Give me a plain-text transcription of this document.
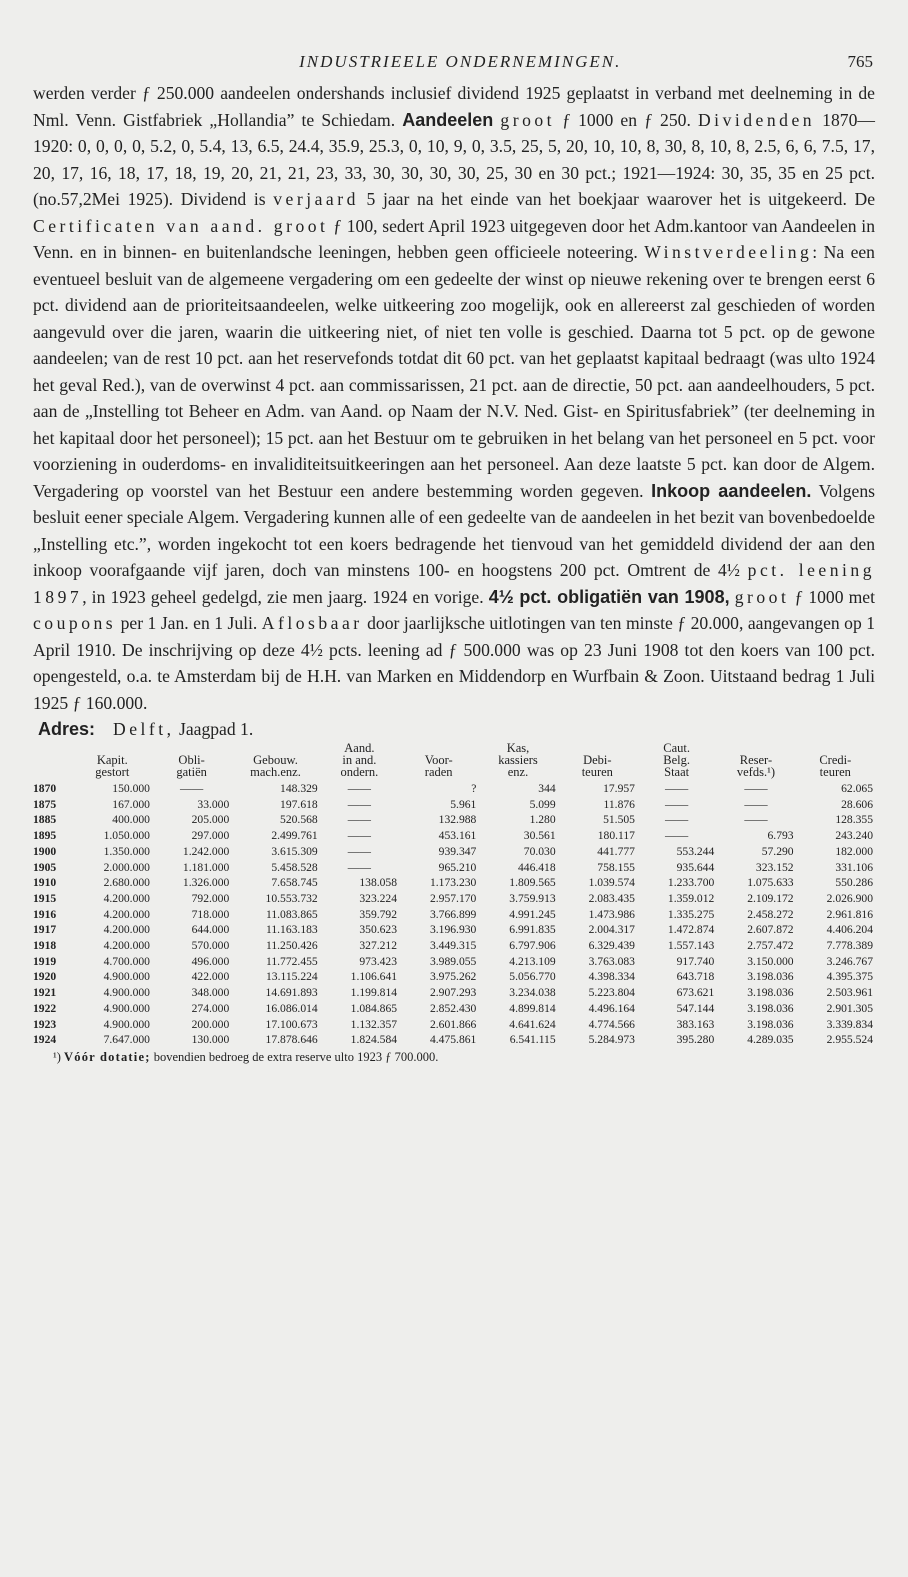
INDUSTRIEELE ONDERNEMINGEN.	765

werden verder ƒ 250.000 aandeelen ondershands inclusief dividend 1925 geplaatst in verband met deelneming in de Nml. Venn. Gistfabriek „Hollandia” te Schiedam. Aandeelen groot ƒ 1000 en ƒ 250. Dividenden 1870—1920: 0, 0, 0, 0, 5.2, 0, 5.4, 13, 6.5, 24.4, 35.9, 25.3, 0, 10, 9, 0, 3.5, 25, 5, 20, 10, 10, 8, 30, 8, 10, 8, 2.5, 6, 6, 7.5, 17, 20, 17, 16, 18, 17, 18, 19, 20, 21, 21, 23, 33, 30, 30, 30, 30, 25, 30 en 30 pct.; 1921—1924: 30, 35, 35 en 25 pct. (no.57,2Mei 1925). Dividend is verjaard 5 jaar na het einde van het boekjaar waarover het is uitgekeerd. De Certificaten van aand. groot ƒ 100, sedert April 1923 uitgegeven door het Adm.kantoor van Aandeelen in Venn. en in binnen- en buitenlandsche leeningen, hebben geen officieele noteering. Winstverdeeling: Na een eventueel besluit van de algemeene vergadering om een gedeelte der winst op nieuwe rekening over te brengen eerst 6 pct. dividend aan de prioriteitsaandeelen, welke uitkeering zoo mogelijk, ook en allereerst zal geschieden of worden aangevuld over die jaren, waarin die uitkeering niet, of niet ten volle is geschied. Daarna tot 5 pct. op de gewone aandeelen; van de rest 10 pct. aan het reservefonds totdat dit 60 pct. van het geplaatst kapitaal bedraagt (was ulto 1924 het geval Red.), van de overwinst 4 pct. aan commissarissen, 21 pct. aan de directie, 50 pct. aan aandeelhouders, 5 pct. aan de „Instelling tot Beheer en Adm. van Aand. op Naam der N.V. Ned. Gist- en Spiritusfabriek” (ter deelneming in het kapitaal door het personeel); 15 pct. aan het Bestuur om te gebruiken in het belang van het personeel en 5 pct. voor voorziening in ouderdoms- en invaliditeitsuitkeeringen aan het personeel. Aan deze laatste 5 pct. kan door de Algem. Vergadering op voorstel van het Bestuur een andere bestemming worden gegeven. Inkoop aandeelen. Volgens besluit eener speciale Algem. Vergadering kunnen alle of een gedeelte van de aandeelen in het bezit van bovenbedoelde „Instelling etc.”, worden ingekocht tot een koers bedragende het tienvoud van het gemiddeld dividend der aan den inkoop voorafgaande vijf jaren, doch van minstens 100- en hoogstens 200 pct. Omtrent de 4½ pct. leening 1897, in 1923 geheel gedelgd, zie men jaarg. 1924 en vorige. 4½ pct. obligatiën van 1908, groot ƒ 1000 met coupons per 1 Jan. en 1 Juli. Aflosbaar door jaarlijksche uitlotingen van ten minste ƒ 20.000, aangevangen op 1 April 1910. De inschrijving op deze 4½ pcts. leening ad ƒ 500.000 was op 23 Juni 1908 tot den koers van 100 pct. opengesteld, o.a. te Amsterdam bij de H.H. van Marken en Middendorp en Wurfbain & Zoon. Uitstaand bedrag 1 Juli 1925 ƒ 160.000.

Adres: Delft, Jaagpad 1.
				Aand.		Kas,		Caut.		
	Kapit.	Obli-	Gebouw.	in and.	Voor-	kassiers	Debi-	Belg.	Reser-	Credi-
	gestort	gatiën	mach.enz.	ondern.	raden	enz.	teuren	Staat	vefds.¹)	teuren
1870	150.000	——	148.329	——	?	344	17.957	——	——	62.065
1875	167.000	33.000	197.618	——	5.961	5.099	11.876	——	——	28.606
1885	400.000	205.000	520.568	——	132.988	1.280	51.505	——	——	128.355
1895	1.050.000	297.000	2.499.761	——	453.161	30.561	180.117	——	6.793	243.240
1900	1.350.000	1.242.000	3.615.309	——	939.347	70.030	441.777	553.244	57.290	182.000
1905	2.000.000	1.181.000	5.458.528	——	965.210	446.418	758.155	935.644	323.152	331.106
1910	2.680.000	1.326.000	7.658.745	138.058	1.173.230	1.809.565	1.039.574	1.233.700	1.075.633	550.286
1915	4.200.000	792.000	10.553.732	323.224	2.957.170	3.759.913	2.083.435	1.359.012	2.109.172	2.026.900
1916	4.200.000	718.000	11.083.865	359.792	3.766.899	4.991.245	1.473.986	1.335.275	2.458.272	2.961.816
1917	4.200.000	644.000	11.163.183	350.623	3.196.930	6.991.835	2.004.317	1.472.874	2.607.872	4.406.204
1918	4.200.000	570.000	11.250.426	327.212	3.449.315	6.797.906	6.329.439	1.557.143	2.757.472	7.778.389
1919	4.700.000	496.000	11.772.455	973.423	3.989.055	4.213.109	3.763.083	917.740	3.150.000	3.246.767
1920	4.900.000	422.000	13.115.224	1.106.641	3.975.262	5.056.770	4.398.334	643.718	3.198.036	4.395.375
1921	4.900.000	348.000	14.691.893	1.199.814	2.907.293	3.234.038	5.223.804	673.621	3.198.036	2.503.961
1922	4.900.000	274.000	16.086.014	1.084.865	2.852.430	4.899.814	4.496.164	547.144	3.198.036	2.901.305
1923	4.900.000	200.000	17.100.673	1.132.357	2.601.866	4.641.624	4.774.566	383.163	3.198.036	3.339.834
1924	7.647.000	130.000	17.878.646	1.824.584	4.475.861	6.541.115	5.284.973	395.280	4.289.035	2.955.524
¹) Vóór dotatie; bovendien bedroeg de extra reserve ulto 1923 ƒ 700.000.
